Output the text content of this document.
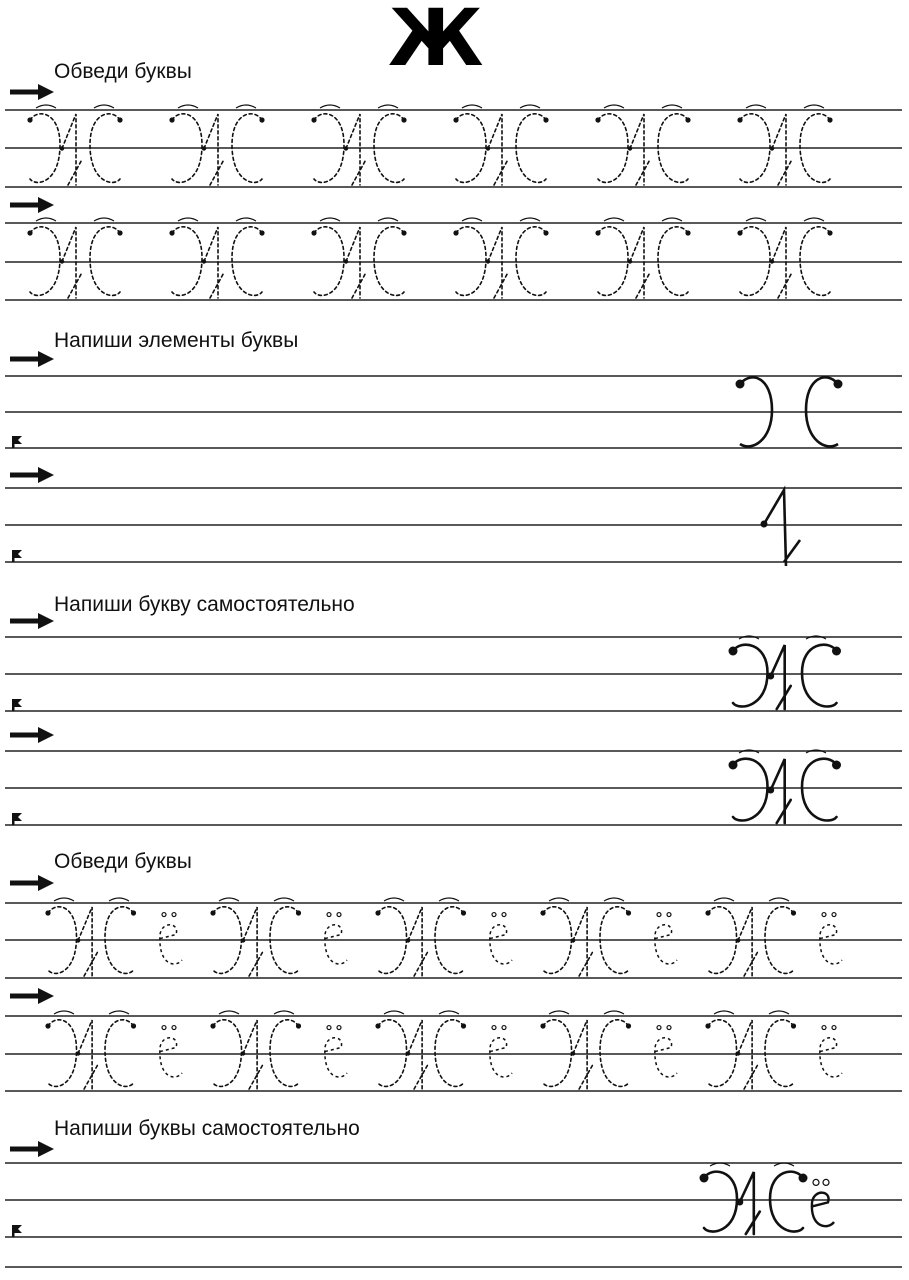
Ж
Обведи буквы
Напиши элементы буквы
Напиши букву самостоятельно
Обведи буквы
Напиши буквы самостоятельно
